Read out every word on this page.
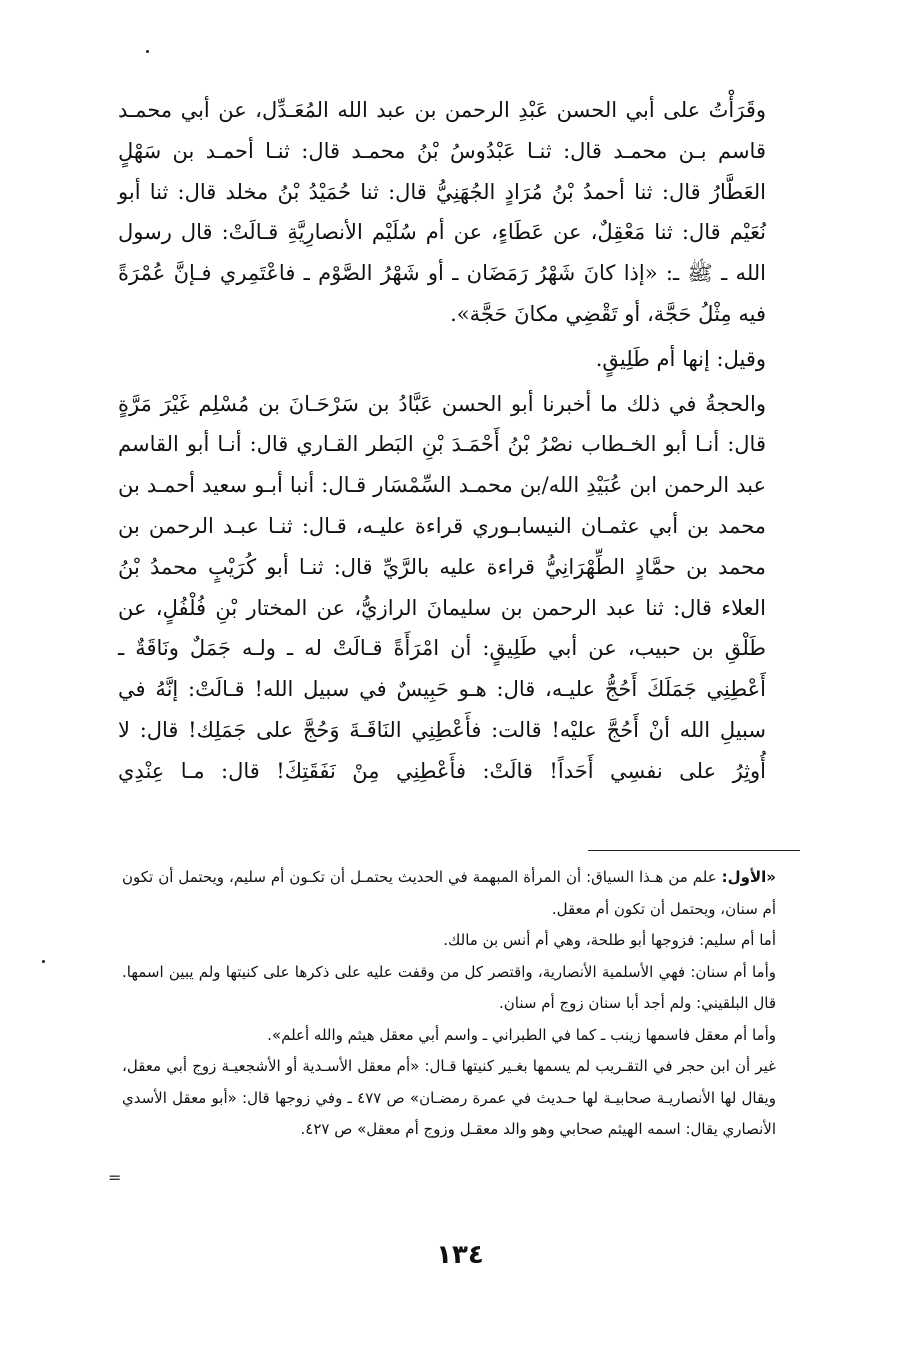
وقَرَأْتُ على أبي الحسن عَبْدِ الرحمن بن عبد الله المُعَـدِّل، عن أبي محمـد قاسم بـن محمـد قال: ثنـا عَبْدُوسُ بْنُ محمـد قال: ثنـا أحمـد بن سَهْلٍ العَطَّارُ قال: ثنا أحمدُ بْنُ مُرَادٍ الجُهَنِيُّ قال: ثنا حُمَيْدُ بْنُ مخلد قال: ثنا أبو نُعَيْم قال: ثنا مَعْقِلٌ، عن عَطَاءٍ، عن أم سُلَيْم الأنصارِيَّةِ قـالَتْ: قال رسول الله ـ ﷺ ـ: «إذا كانَ شَهْرُ رَمَضَان ـ أو شَهْرُ الصَّوْم ـ فاعْتَمِري فـإنَّ عُمْرَةً فيه مِثْلُ حَجَّة، أو تَقْضِي مكانَ حَجَّة».

وقيل: إنها أم طَلِيقٍ.

والحجةُ في ذلك ما أخبرنا أبو الحسن عَبَّادُ بن سَرْحَـانَ بن مُسْلِم غَيْرَ مَرَّةٍ قال: أنـا أبو الخـطاب نصْرُ بْنُ أَحْمَـدَ بْنِ البَطر القـاري قال: أنـا أبو القاسم عبد الرحمن ابن عُبَيْدِ الله/بن محمـد السِّمْسَار قـال: أنبا أبـو سعيد أحمـد بن محمد بن أبي عثمـان النيسابـوري قراءة عليـه، قـال: ثنـا عبـد الرحمن بن محمد بن حمَّادٍ الطِّهْرَانِيُّ قراءة عليه بالرَّيِّ قال: ثنـا أبو كُرَيْبٍ محمدُ بْنُ العلاء قال: ثنا عبد الرحمن بن سليمانَ الرازيُّ، عن المختار بْنِ فُلْفُلٍ، عن طَلْقِ بن حبيب، عن أبي طَلِيقٍ: أن امْرَأَةً قـالَتْ له ـ ولـه جَمَلٌ ونَاقَةٌ ـ أَعْطِنِي جَمَلَكَ أَحُجُّ عليـه، قال: هـو حَبِيسٌ في سبيل الله! قـالَتْ: إنَّهُ في سبيلِ الله أنْ أَحُجَّ عليْه! قالت: فأَعْطِنِي النَاقَـةَ وَحُجَّ على جَمَلِك! قال: لا أُوثِرُ على نفسِي أَحَداً! قالَتْ: فأَعْطِنِي مِنْ نَفَقَتِكَ! قال: مـا عِنْدِي

«الأول: علم من هـذا السياق: أن المرأة المبهمة في الحديث يحتمـل أن تكـون أم سليم، ويحتمل أن تكون أم سنان، ويحتمل أن تكون أم معقل.

أما أم سليم: فزوجها أبو طلحة، وهي أم أنس بن مالك.

وأما أم سنان: فهي الأسلمية الأنصارية، واقتصر كل من وقفت عليه على ذكرها على كنيتها ولم يبين اسمها. قال البلقيني: ولم أجد أبا سنان زوج أم سنان.

وأما أم معقل فاسمها زينب ـ كما في الطبراني ـ واسم أبي معقل هيثم والله أعلم».

غير أن ابن حجر في التقـريب لم يسمها بغـير كنيتها قـال: «أم معقل الأسـدية أو الأشجعيـة زوج أبي معقل، ويقال لها الأنصاريـة صحابيـة لها حـديث في عمرة رمضـان» ص ٤٧٧ ـ وفي زوجها قال: «أبو معقل الأسدي الأنصاري يقال: اسمه الهيثم صحابي وهو والد معقـل وزوج أم معقل» ص ٤٢٧.

=
١٣٤
